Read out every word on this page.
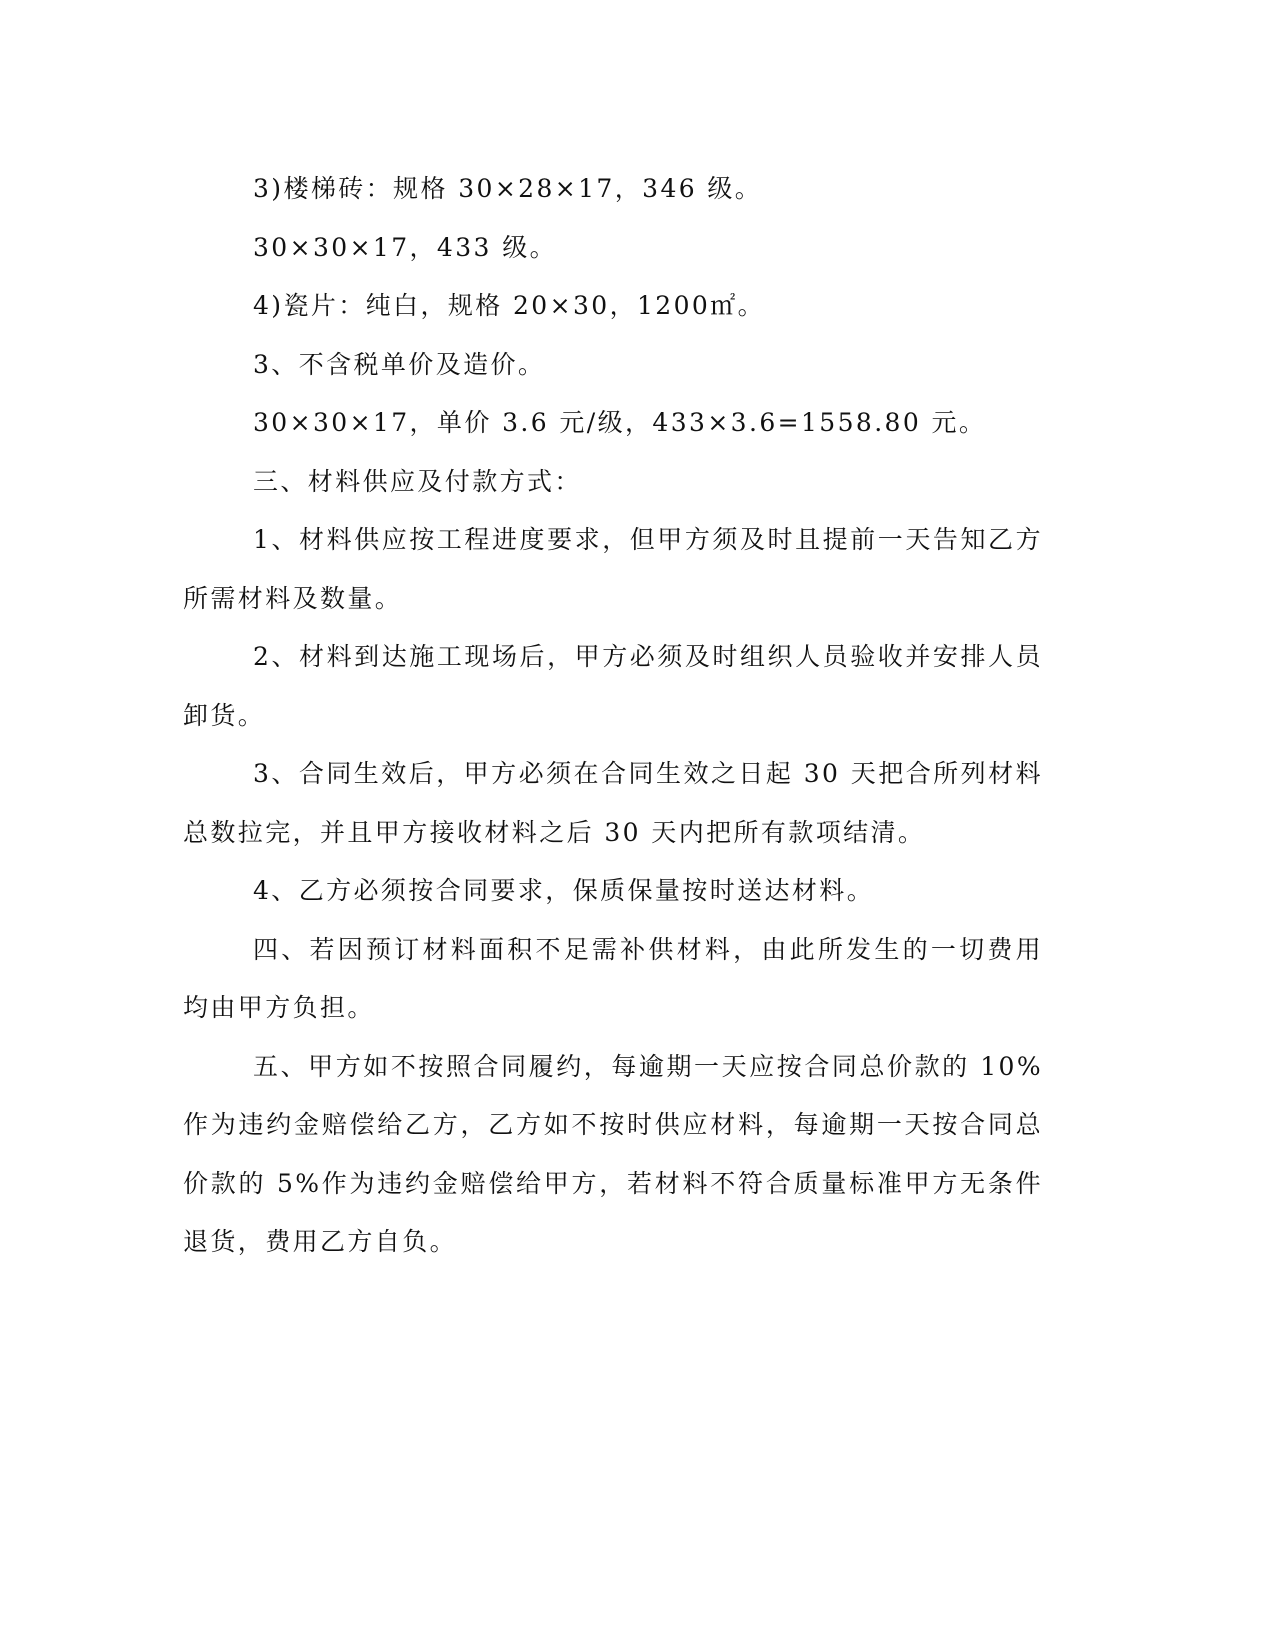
3)楼梯砖：规格 30×28×17，346 级。

30×30×17，433 级。

4)瓷片：纯白，规格 20×30，1200㎡。

3、不含税单价及造价。

30×30×17，单价 3.6 元/级，433×3.6=1558.80 元。

三、材料供应及付款方式：

1、材料供应按工程进度要求，但甲方须及时且提前一天告知乙方所需材料及数量。

2、材料到达施工现场后，甲方必须及时组织人员验收并安排人员卸货。

3、合同生效后，甲方必须在合同生效之日起 30 天把合所列材料总数拉完，并且甲方接收材料之后 30 天内把所有款项结清。

4、乙方必须按合同要求，保质保量按时送达材料。

四、若因预订材料面积不足需补供材料，由此所发生的一切费用均由甲方负担。

五、甲方如不按照合同履约，每逾期一天应按合同总价款的 10%作为违约金赔偿给乙方，乙方如不按时供应材料，每逾期一天按合同总价款的 5%作为违约金赔偿给甲方，若材料不符合质量标准甲方无条件退货，费用乙方自负。
